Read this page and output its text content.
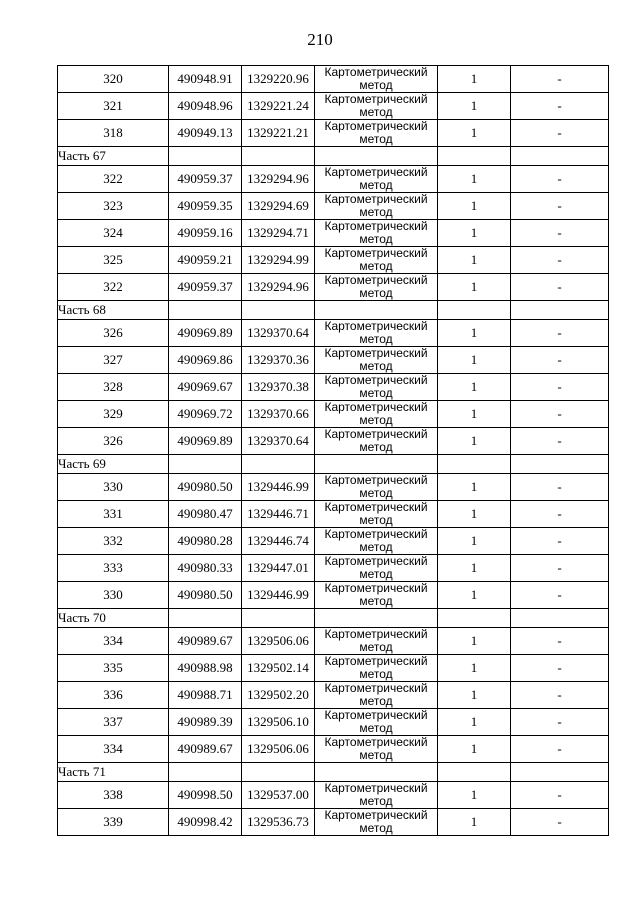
210
320	490948.91	1329220.96	Картометрический метод	1	-
321	490948.96	1329221.24	Картометрический метод	1	-
318	490949.13	1329221.21	Картометрический метод	1	-
Часть 67					
322	490959.37	1329294.96	Картометрический метод	1	-
323	490959.35	1329294.69	Картометрический метод	1	-
324	490959.16	1329294.71	Картометрический метод	1	-
325	490959.21	1329294.99	Картометрический метод	1	-
322	490959.37	1329294.96	Картометрический метод	1	-
Часть 68					
326	490969.89	1329370.64	Картометрический метод	1	-
327	490969.86	1329370.36	Картометрический метод	1	-
328	490969.67	1329370.38	Картометрический метод	1	-
329	490969.72	1329370.66	Картометрический метод	1	-
326	490969.89	1329370.64	Картометрический метод	1	-
Часть 69					
330	490980.50	1329446.99	Картометрический метод	1	-
331	490980.47	1329446.71	Картометрический метод	1	-
332	490980.28	1329446.74	Картометрический метод	1	-
333	490980.33	1329447.01	Картометрический метод	1	-
330	490980.50	1329446.99	Картометрический метод	1	-
Часть 70					
334	490989.67	1329506.06	Картометрический метод	1	-
335	490988.98	1329502.14	Картометрический метод	1	-
336	490988.71	1329502.20	Картометрический метод	1	-
337	490989.39	1329506.10	Картометрический метод	1	-
334	490989.67	1329506.06	Картометрический метод	1	-
Часть 71					
338	490998.50	1329537.00	Картометрический метод	1	-
339	490998.42	1329536.73	Картометрический метод	1	-
